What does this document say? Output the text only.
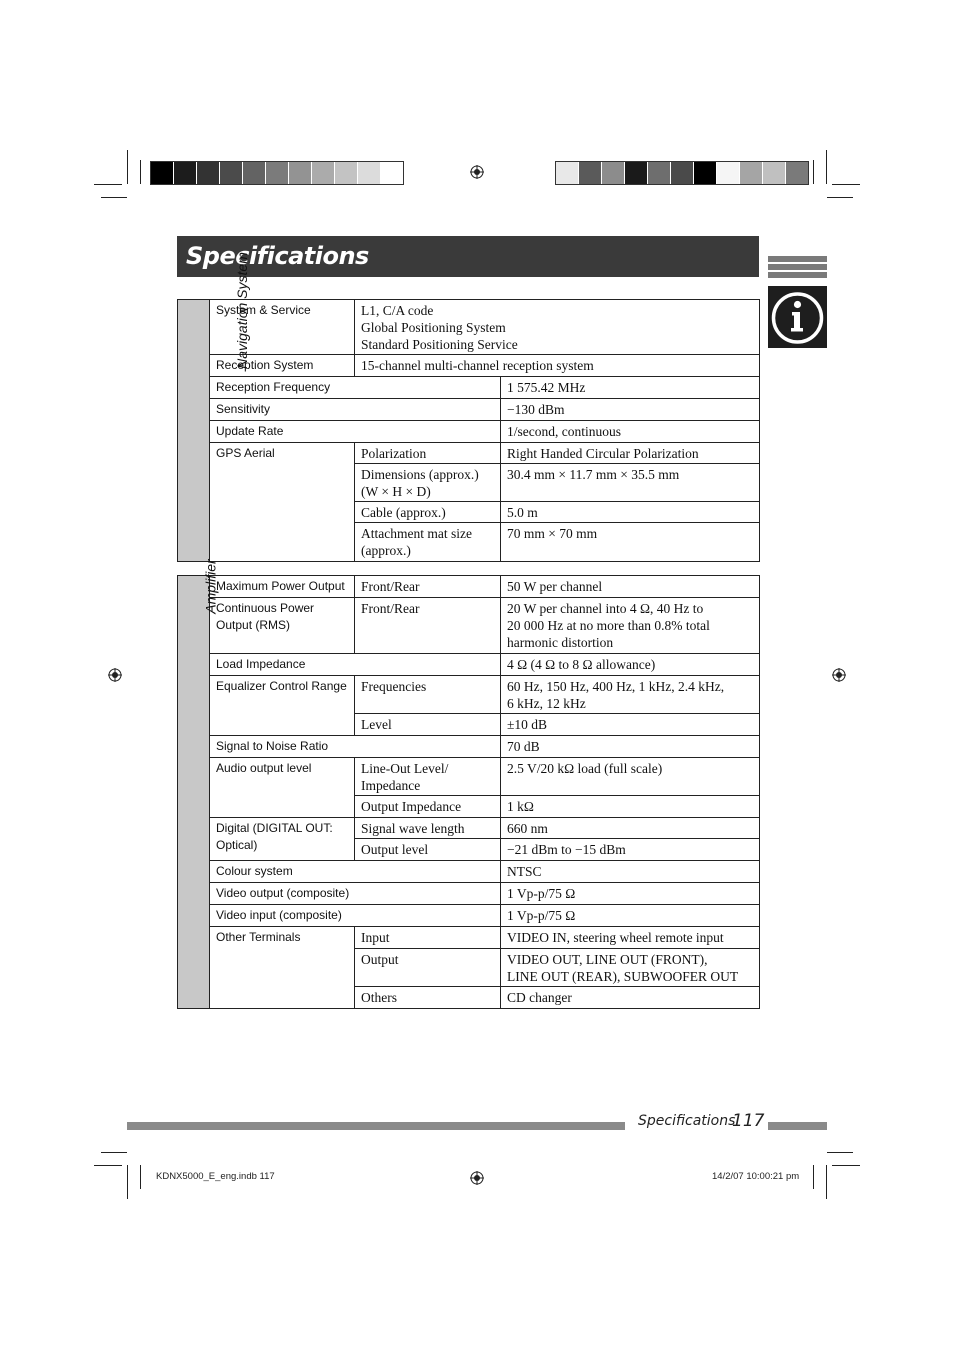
Specifications
Navigation System	System & Service	L1, C/A code
Global Positioning System
Standard Positioning Service	
	Reception System	15-channel multi-channel reception system	
	Reception Frequency		1 575.42 MHz
	Sensitivity		−130 dBm
	Update Rate		1/second, continuous
	GPS Aerial	Polarization	Right Handed Circular Polarization
		Dimensions (approx.)
(W × H × D)	30.4 mm × 11.7 mm × 35.5 mm
		Cable (approx.)	5.0 m
		Attachment mat size
(approx.)	70 mm × 70 mm
Amplifier	Maximum Power Output	Front/Rear	50 W per channel
	Continuous Power
Output (RMS)	Front/Rear	20 W per channel into 4 Ω, 40 Hz to
20 000 Hz at no more than 0.8% total
harmonic distortion
	Load Impedance		4 Ω (4 Ω to 8 Ω allowance)
	Equalizer Control Range	Frequencies	60 Hz, 150 Hz, 400 Hz, 1 kHz, 2.4 kHz,
6 kHz, 12 kHz
		Level	±10 dB
	Signal to Noise Ratio		70 dB
	Audio output level	Line-Out Level/
Impedance	2.5 V/20 kΩ load (full scale)
		Output Impedance	1 kΩ
	Digital (DIGITAL OUT:
Optical)	Signal wave length	660 nm
		Output level	−21 dBm to −15 dBm
	Colour system		NTSC
	Video output (composite)		1 Vp-p/75 Ω
	Video input (composite)		1 Vp-p/75 Ω
	Other Terminals	Input	VIDEO IN, steering wheel remote input
		Output	VIDEO OUT, LINE OUT (FRONT),
LINE OUT (REAR), SUBWOOFER OUT
		Others	CD changer
Specifications
117
KDNX5000_E_eng.indb 117	14/2/07 10:00:21 pm
